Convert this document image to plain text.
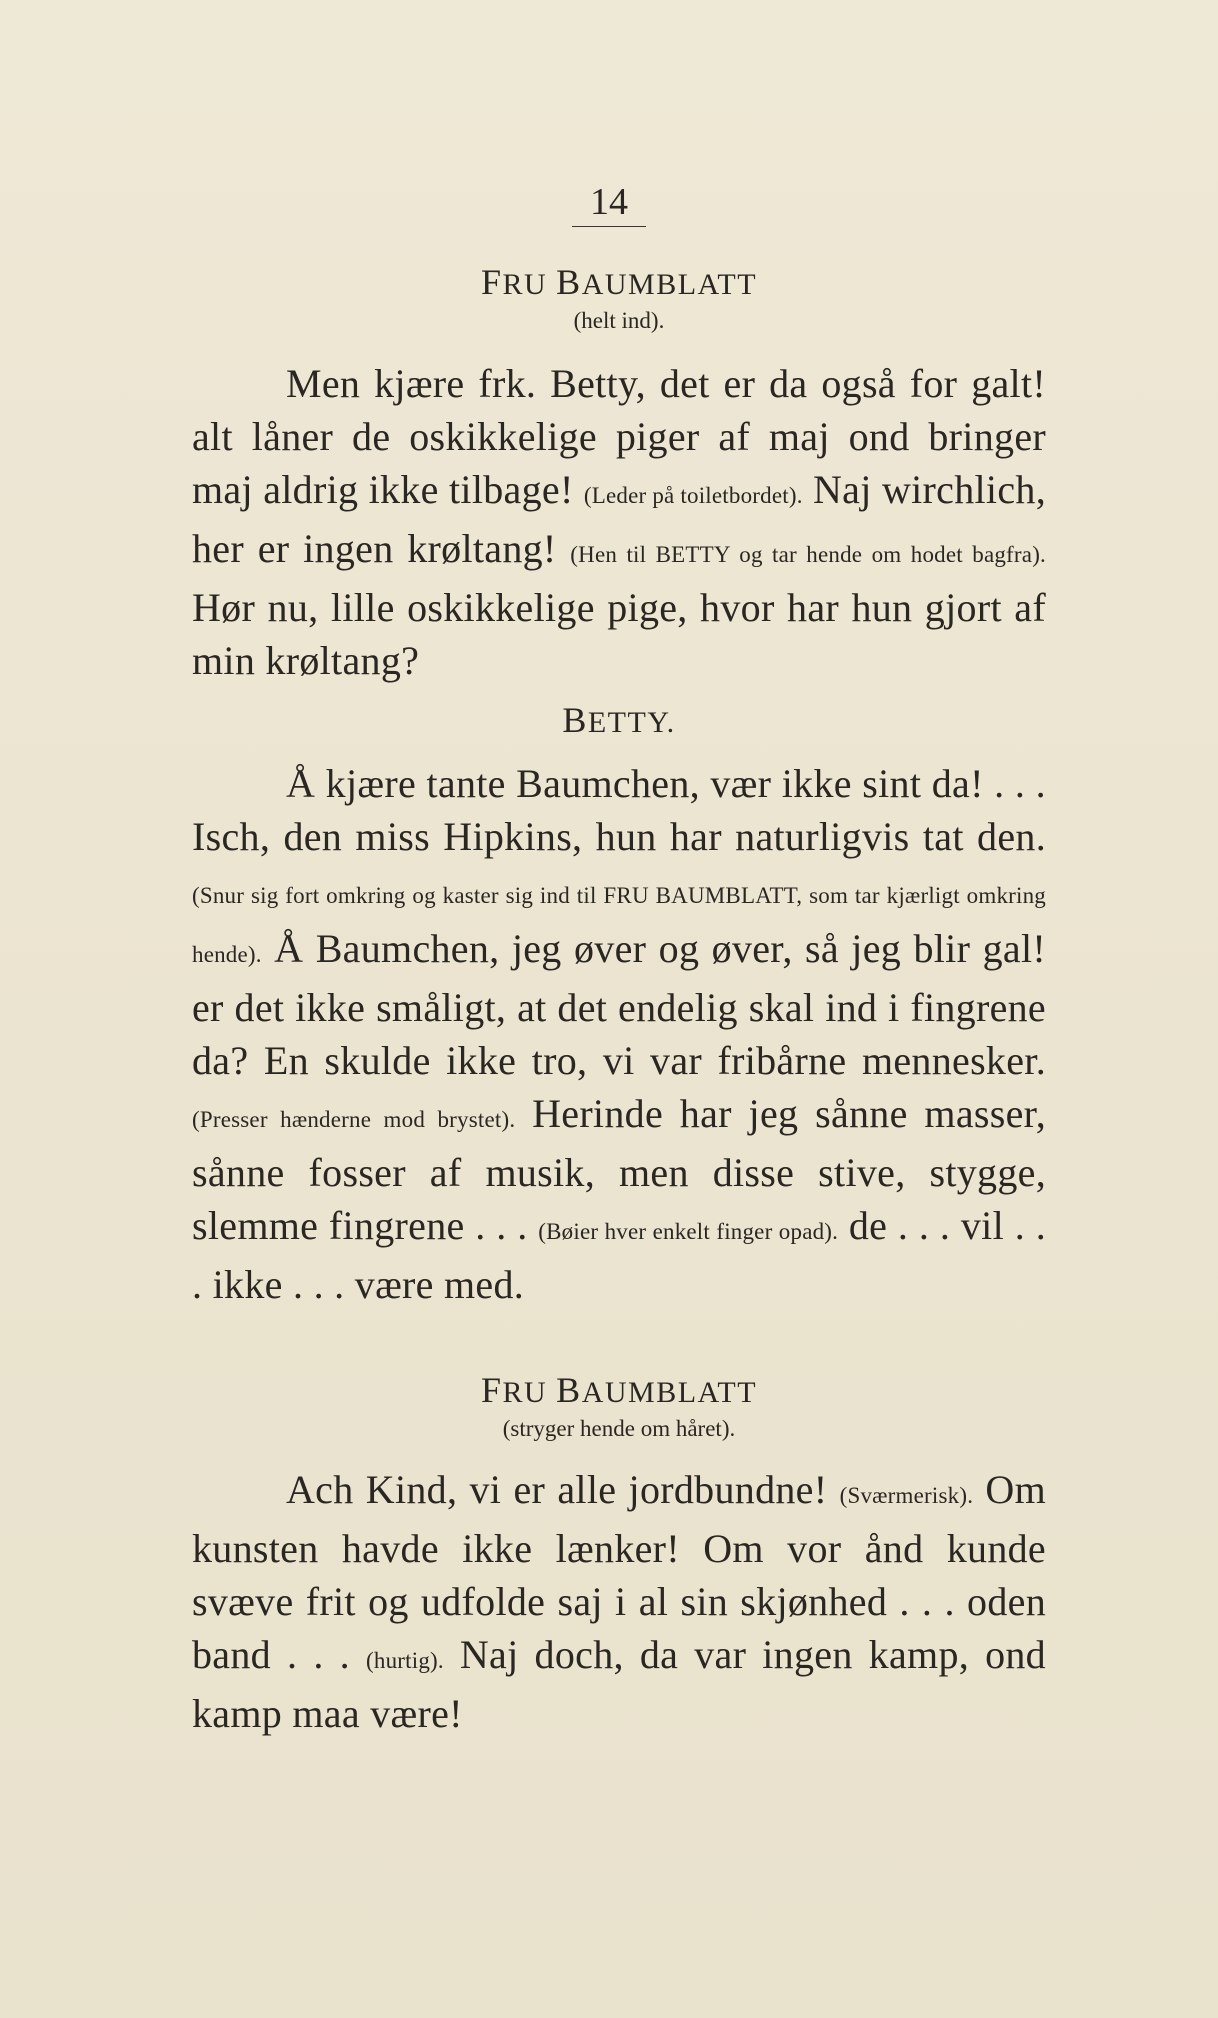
14

FRU BAUMBLATT

(helt ind).

Men kjære frk. Betty, det er da også for galt! alt låner de oskikkelige piger af maj ond bringer maj aldrig ikke tilbage! (Leder på toiletbordet). Naj wirchlich, her er ingen krøltang! (Hen til BETTY og tar hende om hodet bagfra). Hør nu, lille oskikkelige pige, hvor har hun gjort af min krøltang?

BETTY.

Å kjære tante Baumchen, vær ikke sint da! . . . Isch, den miss Hipkins, hun har naturligvis tat den. (Snur sig fort omkring og kaster sig ind til FRU BAUMBLATT, som tar kjærligt omkring hende). Å Baumchen, jeg øver og øver, så jeg blir gal! er det ikke småligt, at det endelig skal ind i fingrene da? En skulde ikke tro, vi var fribårne mennesker. (Presser hænderne mod brystet). Herinde har jeg sånne masser, sånne fosser af musik, men disse stive, stygge, slemme fingrene . . . (Bøier hver enkelt finger opad). de . . . vil . . . ikke . . . være med.

FRU BAUMBLATT

(stryger hende om håret).

Ach Kind, vi er alle jordbundne! (Sværmerisk). Om kunsten havde ikke lænker! Om vor ånd kunde svæve frit og udfolde saj i al sin skjønhed . . . oden band . . . (hurtig). Naj doch, da var ingen kamp, ond kamp maa være!
